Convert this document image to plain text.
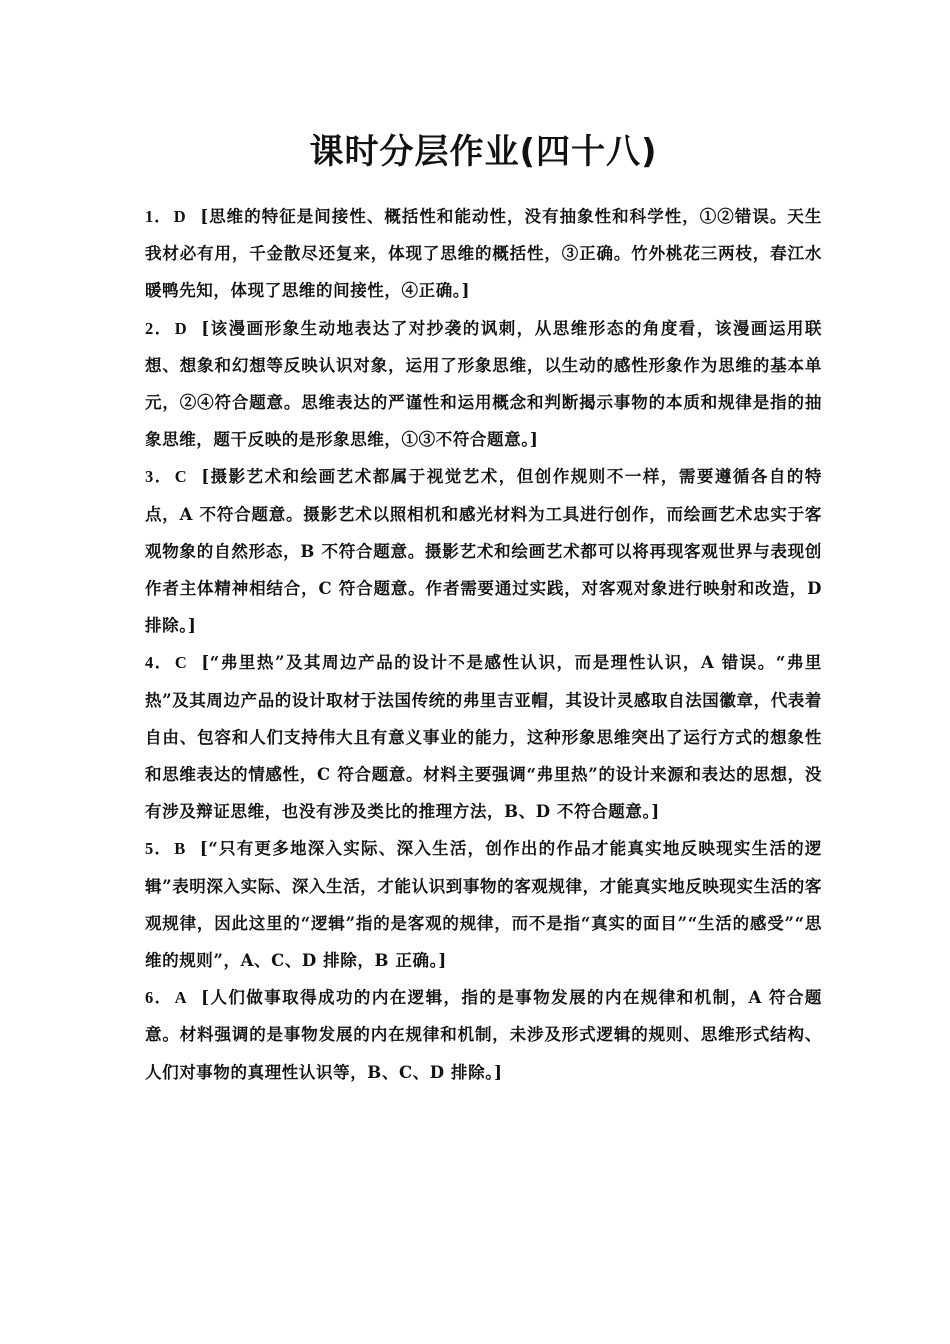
课时分层作业(四十八)

1． D [思维的特征是间接性、概括性和能动性，没有抽象性和科学性，①②错误。天生我材必有用，千金散尽还复来，体现了思维的概括性，③正确。竹外桃花三两枝，春江水暖鸭先知，体现了思维的间接性，④正确。]

2． D [该漫画形象生动地表达了对抄袭的讽刺，从思维形态的角度看，该漫画运用联想、想象和幻想等反映认识对象，运用了形象思维，以生动的感性形象作为思维的基本单元，②④符合题意。思维表达的严谨性和运用概念和判断揭示事物的本质和规律是指的抽象思维，题干反映的是形象思维，①③不符合题意。]

3． C [摄影艺术和绘画艺术都属于视觉艺术，但创作规则不一样，需要遵循各自的特点，A 不符合题意。摄影艺术以照相机和感光材料为工具进行创作，而绘画艺术忠实于客观物象的自然形态，B 不符合题意。摄影艺术和绘画艺术都可以将再现客观世界与表现创作者主体精神相结合，C 符合题意。作者需要通过实践，对客观对象进行映射和改造，D 排除。]

4． C [“弗里热”及其周边产品的设计不是感性认识，而是理性认识，A 错误。“弗里热”及其周边产品的设计取材于法国传统的弗里吉亚帽，其设计灵感取自法国徽章，代表着自由、包容和人们支持伟大且有意义事业的能力，这种形象思维突出了运行方式的想象性和思维表达的情感性，C 符合题意。材料主要强调“弗里热”的设计来源和表达的思想，没有涉及辩证思维，也没有涉及类比的推理方法，B、D 不符合题意。]

5． B [“只有更多地深入实际、深入生活，创作出的作品才能真实地反映现实生活的逻辑”表明深入实际、深入生活，才能认识到事物的客观规律，才能真实地反映现实生活的客观规律，因此这里的“逻辑”指的是客观的规律，而不是指“真实的面目”“生活的感受”“思维的规则”，A、C、D 排除，B 正确。]

6． A [人们做事取得成功的内在逻辑，指的是事物发展的内在规律和机制，A 符合题意。材料强调的是事物发展的内在规律和机制，未涉及形式逻辑的规则、思维形式结构、人们对事物的真理性认识等，B、C、D 排除。]
